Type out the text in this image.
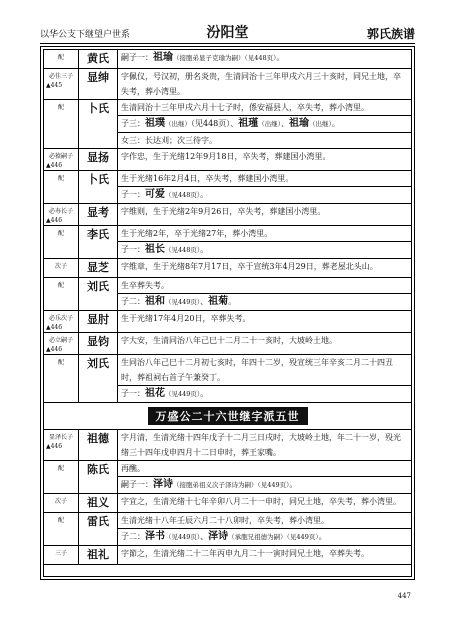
以华公支下继望户世系	汾阳堂	郭氏族谱
配	黄氏	嗣子一：祖瑜（接胞弟显子克瑜为嗣）（见448页）。

必佳三子
▲445	显绅	字佩仪，号汉初，册名炎贵，生清同治十三年甲戌六月三十亥时，同兄土地，卒失考，葬小湾里。

配	卜氏	生清同治十三年甲戌六月十七子时，係安福县人，卒失考，葬小湾里。
子三：祖璞（出继）（见448页）、祖瑾（出继）、祖瑜（出继）。
女三：长达刈；次三待字。

必猿嗣子
▲446	显扬	字作忠，生于光绪12年9月18日，卒失考，葬建国小湾里。

配	卜氏	生于光绪16年2月4日，卒失考，葬建国小湾里。
子一：可爱（见448页）。

必寿长子
▲446	显考	字维则，生于光绪2年9月26日，卒失考，葬建国小湾里。

配	李氏	生于光绪2年，卒于光绪27年，葬小湾里。
子一：祖长（见448页）。

次子	显芝	字维章，生于光绪8年7月17日，卒于宣统3年4月29日，葬老屋北头山。

配	刘氏	生卒葬失考。
子二：祖和（见449页）、祖菊。

必乐次子
▲446	显肘	生于光绪17年4月20日，卒葬失考。

必立嗣子
▲446	显钧	字大安，生清同治八年己巳十二月二十一亥时，大坡岭土地。

配	刘氏	生同治八年己巳十二月初七亥时，年四十二岁，殁宣统三年辛亥二月二十四丑时，葬祖祠右首子午兼癸丁。
子一：祖花（见449页）。
万盛公二十六世继字派五世
显泽长子
▲446	祖德	字月清，生清光绪十四年戊子十二月三日戌时，大坡岭土地，年二十一岁，殁光绪三十四年戊申四月十二日申时，葬王家嘴。

配	陈氏	再醮。
嗣子一：泽诗（接胞弟祖义次子泽诗为嗣）（见449页）。

次子	祖义	字宜之，生清光绪十七年辛卯八月二十一申时，同兄土地，卒失考，葬小湾里。

配	雷氏	生清光绪十八年壬辰六月二十八卯时，卒失考，葬小湾里。
子二：泽书（见449页）、泽诗（承胞兄祖德为嗣）（见449页）。

三子	祖礼	字節之，生清光绪二十二年丙申九月二十一寅时同兄土地，卒葬失考。
447
